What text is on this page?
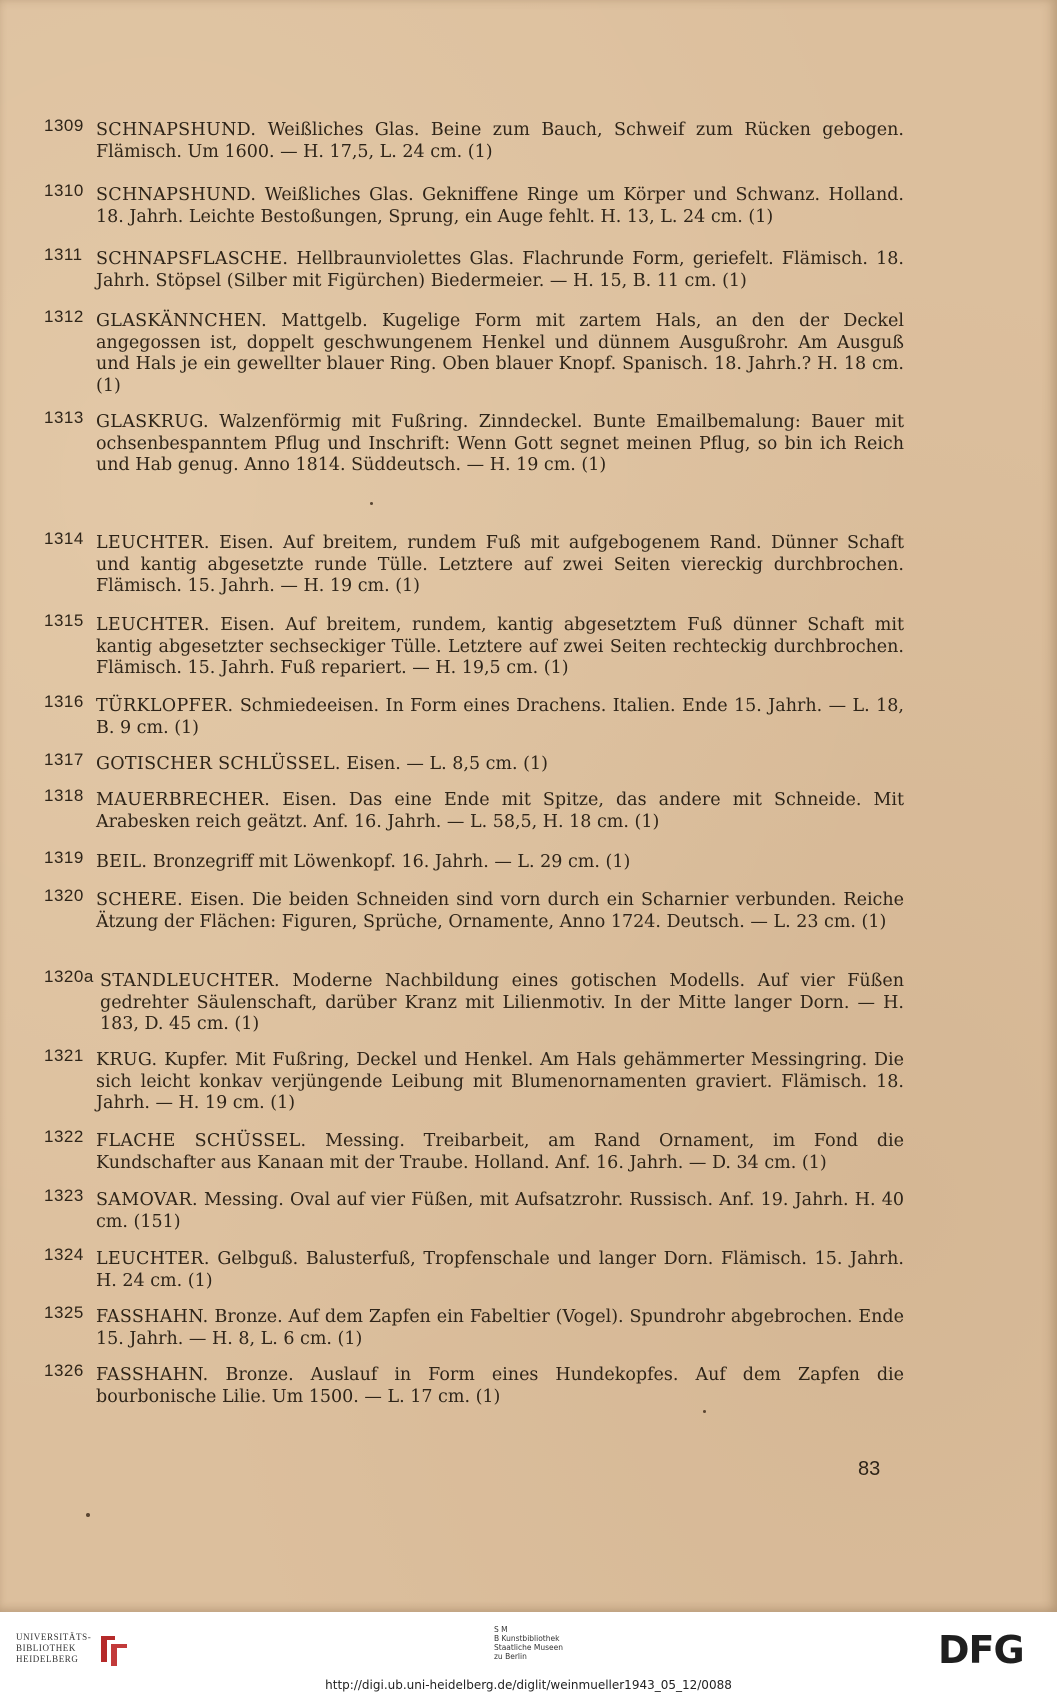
1309 SCHNAPSHUND. Weißliches Glas. Beine zum Bauch, Schweif zum Rücken gebogen. Flämisch. Um 1600. — H. 17,5, L. 24 cm. (1)
1310 SCHNAPSHUND. Weißliches Glas. Gekniffene Ringe um Körper und Schwanz. Holland. 18. Jahrh. Leichte Bestoßungen, Sprung, ein Auge fehlt. H. 13, L. 24 cm. (1)
1311 SCHNAPSFLASCHE. Hellbraunviolettes Glas. Flachrunde Form, geriefelt. Flämisch. 18. Jahrh. Stöpsel (Silber mit Figürchen) Biedermeier. — H. 15, B. 11 cm. (1)
1312 GLASKÄNNCHEN. Mattgelb. Kugelige Form mit zartem Hals, an den der Deckel angegossen ist, doppelt geschwungenem Henkel und dünnem Ausgußrohr. Am Ausguß und Hals je ein gewellter blauer Ring. Oben blauer Knopf. Spanisch. 18. Jahrh.? H. 18 cm. (1)
1313 GLASKRUG. Walzenförmig mit Fußring. Zinndeckel. Bunte Emailbemalung: Bauer mit ochsenbespanntem Pflug und Inschrift: Wenn Gott segnet meinen Pflug, so bin ich Reich und Hab genug. Anno 1814. Süddeutsch. — H. 19 cm. (1)
1314 LEUCHTER. Eisen. Auf breitem, rundem Fuß mit aufgebogenem Rand. Dünner Schaft und kantig abgesetzte runde Tülle. Letztere auf zwei Seiten viereckig durchbrochen. Flämisch. 15. Jahrh. — H. 19 cm. (1)
1315 LEUCHTER. Eisen. Auf breitem, rundem, kantig abgesetztem Fuß dünner Schaft mit kantig abgesetzter sechseckiger Tülle. Letztere auf zwei Seiten rechteckig durchbrochen. Flämisch. 15. Jahrh. Fuß repariert. — H. 19,5 cm. (1)
1316 TÜRKLOPFER. Schmiedeeisen. In Form eines Drachens. Italien. Ende 15. Jahrh. — L. 18, B. 9 cm. (1)
1317 GOTISCHER SCHLÜSSEL. Eisen. — L. 8,5 cm. (1)
1318 MAUERBRECHER. Eisen. Das eine Ende mit Spitze, das andere mit Schneide. Mit Arabesken reich geätzt. Anf. 16. Jahrh. — L. 58,5, H. 18 cm. (1)
1319 BEIL. Bronzegriff mit Löwenkopf. 16. Jahrh. — L. 29 cm. (1)
1320 SCHERE. Eisen. Die beiden Schneiden sind vorn durch ein Scharnier verbunden. Reiche Ätzung der Flächen: Figuren, Sprüche, Ornamente, Anno 1724. Deutsch. — L. 23 cm. (1)
1320a STANDLEUCHTER. Moderne Nachbildung eines gotischen Modells. Auf vier Füßen gedrehter Säulenschaft, darüber Kranz mit Lilienmotiv. In der Mitte langer Dorn. — H. 183, D. 45 cm. (1)
1321 KRUG. Kupfer. Mit Fußring, Deckel und Henkel. Am Hals gehämmerter Messingring. Die sich leicht konkav verjüngende Leibung mit Blumenornamenten graviert. Flämisch. 18. Jahrh. — H. 19 cm. (1)
1322 FLACHE SCHÜSSEL. Messing. Treibarbeit, am Rand Ornament, im Fond die Kundschafter aus Kanaan mit der Traube. Holland. Anf. 16. Jahrh. — D. 34 cm. (1)
1323 SAMOVAR. Messing. Oval auf vier Füßen, mit Aufsatzrohr. Russisch. Anf. 19. Jahrh. H. 40 cm. (151)
1324 LEUCHTER. Gelbguß. Balusterfuß, Tropfenschale und langer Dorn. Flämisch. 15. Jahrh. H. 24 cm. (1)
1325 FASSHAHN. Bronze. Auf dem Zapfen ein Fabeltier (Vogel). Spundrohr abgebrochen. Ende 15. Jahrh. — H. 8, L. 6 cm. (1)
1326 FASSHAHN. Bronze. Auslauf in Form eines Hundekopfes. Auf dem Zapfen die bourbonische Lilie. Um 1500. — L. 17 cm. (1)
83
UNIVERSITÄTS-
BIBLIOTHEK
HEIDELBERG
S M
B Kunstbibliothek
Staatliche Museen
zu Berlin	DFG
http://digi.ub.uni-heidelberg.de/diglit/weinmueller1943_05_12/0088
